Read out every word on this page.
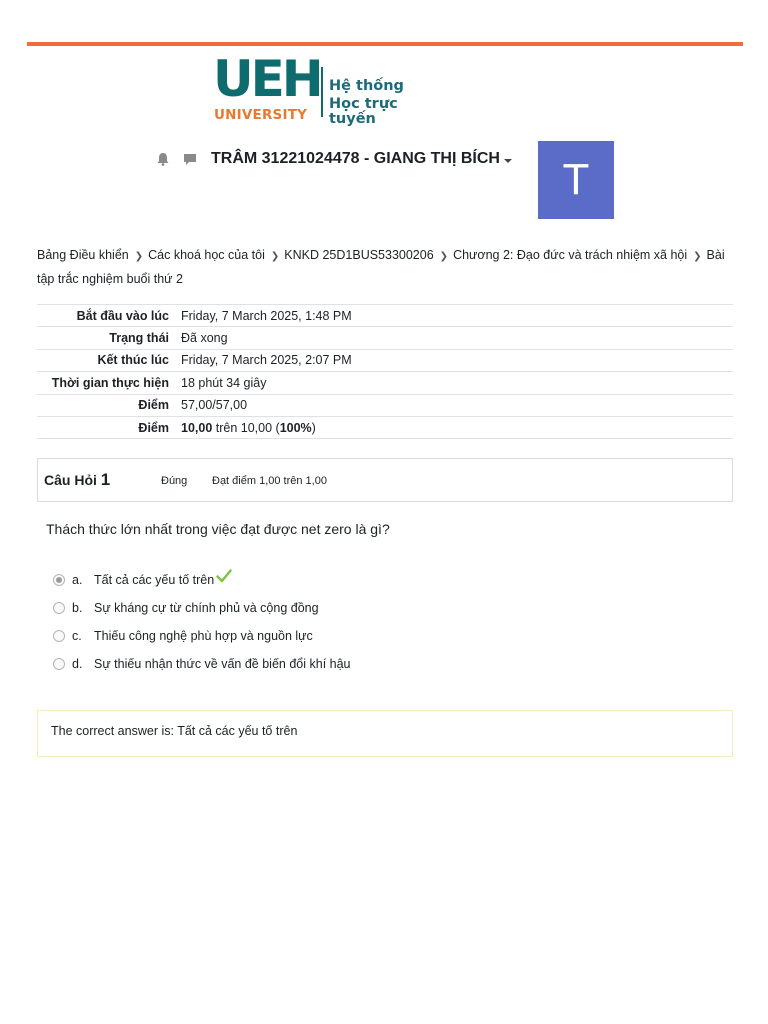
UEH
UNIVERSITY
Hệ thống
Học trực tuyến
TRÂM 31221024478 - GIANG THỊ BÍCH	T
Bảng Điều khiển ❯ Các khoá học của tôi ❯ KNKD 25D1BUS53300206 ❯ Chương 2: Đạo đức và trách nhiệm xã hội ❯ Bài tập trắc nghiệm buổi thứ 2
Bắt đầu vào lúc	Friday, 7 March 2025, 1:48 PM
Trạng thái	Đã xong
Kết thúc lúc	Friday, 7 March 2025, 2:07 PM
Thời gian thực hiện	18 phút 34 giây
Điểm	57,00/57,00
Điểm	10,00 trên 10,00 (100%)
Câu Hỏi 1	Đúng Đạt điểm 1,00 trên 1,00
Thách thức lớn nhất trong việc đạt được net zero là gì?
a. Tất cả các yếu tố trên
b. Sự kháng cự từ chính phủ và cộng đồng
c. Thiếu công nghệ phù hợp và nguồn lực
d. Sự thiếu nhận thức về vấn đề biến đổi khí hậu
The correct answer is: Tất cả các yếu tố trên
